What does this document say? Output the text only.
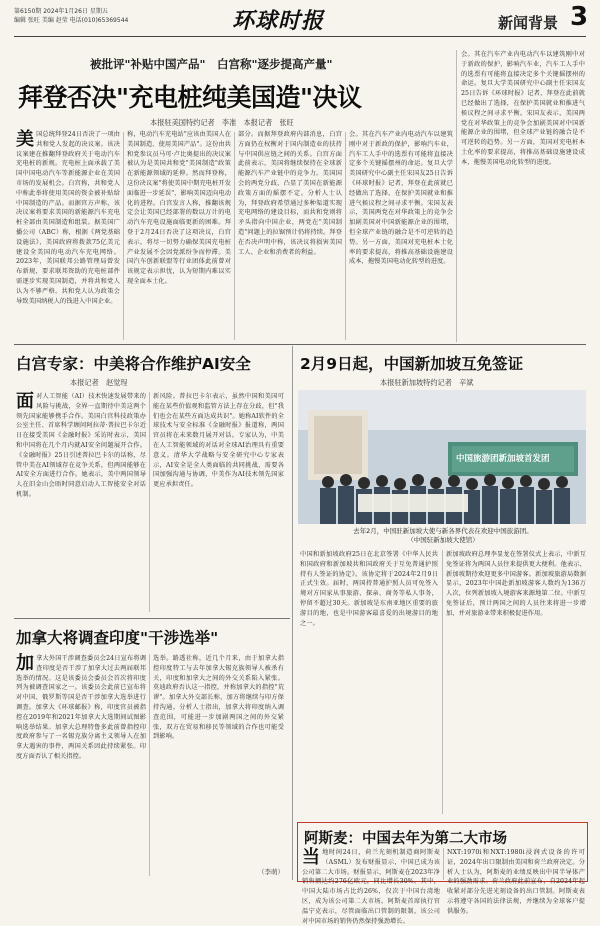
第6150期 2024年1月26日 星期五
编辑 张旺 美编 赵莹 电话(010)65369544	环球时报	新闻背景 3
被批评"补贴中国产品"　白宫称"逐步提高产量"
拜登否决"充电桩纯美国造"决议
本报驻美国特约记者　李准　本报记者　张旺
美 国总统拜登24日否决了一项由共和党人发起的决议案。该决议案建在推翻拜登政府关于电动汽车充电桩的新规。充电桩上面承载了美国中国电动汽车等新能源企业在美国市场的发展机会。白宫称，共和党人中称此举将使用美国的资金被补贴给中国制造的产品。而据官方声称，该决议案将要求美国的新能源汽车充电桩全部由美国制造和组装。据美国广播公司（ABC）称，根据《两党基础设施法》，美国政府将拨款75亿美元建设全美国的电动汽车充电网络。2023年，美国联邦公路管理局曾发布新规，要求联邦资助的充电桩部件需逐步实现美国制造，并将共和党人认为不够严格。共和党人认为政策会导致美国纳税人的钱进入中国企业。
称，电动汽车充电站"应该由美国人在美国制造、使用美国产品"。这份由共和党参议员马可·卢比奥提出的决议案被认为是美国共和党"美国制造"政策在新能源领域的延伸。然而拜登称，这份决议案"将使美国中期充电桩开发面临进一步延误"，影响美国迈向电动化的进程。白宫发言人称，推翻该规定会让美国已经部署的数以万计的电动汽车充电设施面临更新的困难。拜登于2月24日否决了这项决议，白宫表示，将尽一切努力确保美国充电桩产业发展不会因党派纷争而停滞。美国汽车创新联盟等行业团体此前曾对该规定表示担忧，认为短期内难以实现全面本土化。
部分。而据拜登政府内部消息，白宫方面仍在权衡对于国内制造业的扶持与中国供应链之间的关系。白宫方面此前表示，美国将继续保持在全球新能源汽车产业链中的竞争力。美国国会的两党分歧，凸显了美国在新能源政策方面的摇摆不定。分析人士认为，拜登政府希望通过多种渠道实现充电网络的建设目标，而共和党则将矛头指向中国企业，两党在"美国制造"问题上的拉锯预计仍将持续。拜登在否决声明中称，该决议将损害美国工人、企业和消费者的利益。
会。其在汽车产业内电动汽车以建筑刚中对于新政的保护，影响汽车业，汽车工人手中的选票有可能将直接决定多个关键摇摆州的命运。复旦大学美国研究中心副主任宋国友25日告诉《环球时报》记者，拜登在此前就已经做出了选择，在保护美国就业和推进气候议程之间寻求平衡。宋国友表示，美国两党在对华政策上的竞争会加剧美国对中国新能源企业的围堵，但全球产业链的融合是不可逆转的趋势。另一方面，美国对充电桩本土化率的要求提高，将推高基础设施建设成本，拖慢美国电动化转型的进度。
会。其在汽车产业内电动汽车以建筑刚中对于新政的保护，影响汽车业，汽车工人手中的选票有可能将直接决定多个关键摇摆州的命运。复旦大学美国研究中心副主任宋国友25日告诉《环球时报》记者，拜登在此前就已经做出了选择，在保护美国就业和推进气候议程之间寻求平衡。宋国友表示，美国两党在对华政策上的竞争会加剧美国对中国新能源企业的围堵，但全球产业链的融合是不可逆转的趋势。另一方面，美国对充电桩本土化率的要求提高，将推高基础设施建设成本，拖慢美国电动化转型的进度。
白宫专家：中美将合作维护AI安全
本报记者　赵觉珵
面 对人工智能（AI）技术快速发展带来的风险与挑战，全界一直期待中美这两个领先国家能够携手合作。美国白宫科技政策办公室主任、首席科学顾问阿拉蒂·普拉巴卡尔近日在接受美国《金融时报》采访时表示，美国和中国将在几个月内就AI安全问题展开合作。《金融时报》25日引述普拉巴卡尔的话称，尽管中美在AI领域存在竞争关系，但两国能够在AI安全方面进行合作。她表示，美中两国领导人在旧金山会晤时同意启动人工智能安全对话机制。
新风险。普拉巴卡尔表示，虽然中国和美国可能在某些价值观和监管方法上存在分歧，但"我们也会在某些方面达成共识"。她称AI软件的全球技术与安全标准《金融时报》报道称，两国官员将在未来数月展开对话。专家认为，中美在人工智能领域的对话对全球AI治理具有重要意义。清华大学战略与安全研究中心专家表示，AI安全是全人类面临的共同挑战，需要各国加强沟通与协调，中美作为AI技术领先国家更应承担责任。
加拿大将调查印度"干涉选举"
加 拿大外国干涉调查委员会24日宣布将调查印度是否干涉了加拿大过去两届联邦选举的情况。这是该委员会委员会首次将印度列为被调查国家之一。该委员会此前已宣布将对中国、俄罗斯等国是否干涉加拿大选举进行调查。加拿大《环球邮报》称，印度官员被指控在2019年和2021年加拿大大选期间试图影响选举结果。加拿大总理特鲁多此前曾指控印度政府参与了一名锡克族分离主义领导人在加拿大遇害的事件，两国关系因此持续紧张。印度方面否认了相关指控。
选举。路透社称，近几个月来，由于加拿大指控印度特工与去年加拿大锡克族领导人被杀有关，印度和加拿大之间的外交关系陷入紧张。莫迪政府否认这一指控，并称加拿大的指控"荒谬"。加拿大外交部长称，加方将继续与印方保持沟通。分析人士指出，加拿大将印度纳入调查范围，可能进一步加剧两国之间的外交紧张，双方在贸易和移民等领域的合作也可能受到影响。
（李萌）
2月9日起，中国新加坡互免签证
本报驻新加坡特约记者　辛斌
中国旅游团新加坡首发团
去年2月，中国驻新加坡大使与新各界代表在欢迎中国旅游团。
（中国驻新加坡大使馆）
中国和新加坡政府25日在北京签署《中华人民共和国政府和新加坡共和国政府关于互免普通护照持有人签证的协定》。该协定将于2024年2月9日正式生效。届时，两国持普通护照人员可免签入境对方国家从事旅游、探亲、商务等私人事务，停留不超过30天。新加坡是东南亚地区重要的旅游目的地，也是中国游客最喜爱的出境游目的地之一。
新加坡政府总理李显龙在签署仪式上表示，中新互免签证将为两国人员往来提供更大便利。他表示，新加坡期待欢迎更多中国游客。新加坡旅游局数据显示，2023年中国赴新加坡游客人数约为136万人次，位列新加坡入境游客来源地第二位。中新互免签证后，预计两国之间的人员往来将进一步增加，并对旅游业带来积极促进作用。
阿斯麦：中国去年为第二大市场
当 地时间24日，荷兰光刻机制造商阿斯麦（ASML）发布财报显示，中国已成为该公司第二大市场。财报显示，阿斯麦在2023年净销售额达约276亿欧元，同比增长30%。其中，中国大陆市场占比约26%，仅次于中国台湾地区，成为该公司第二大市场。阿斯麦首席执行官温宁克表示，尽管面临出口管制的限制，该公司对中国市场的销售仍然保持强劲增长。
NXT:1970i和NXT:1980i浸润式设备的许可证，2024年出口限制由美国和荷兰政府决定。分析人士认为，阿斯麦的业绩反映出中国半导体产业的强劲需求。荷兰政府此前宣布，自2024年起收紧对部分先进光刻设备的出口管制。阿斯麦表示将遵守各国的法律法规，并继续为全球客户提供服务。
